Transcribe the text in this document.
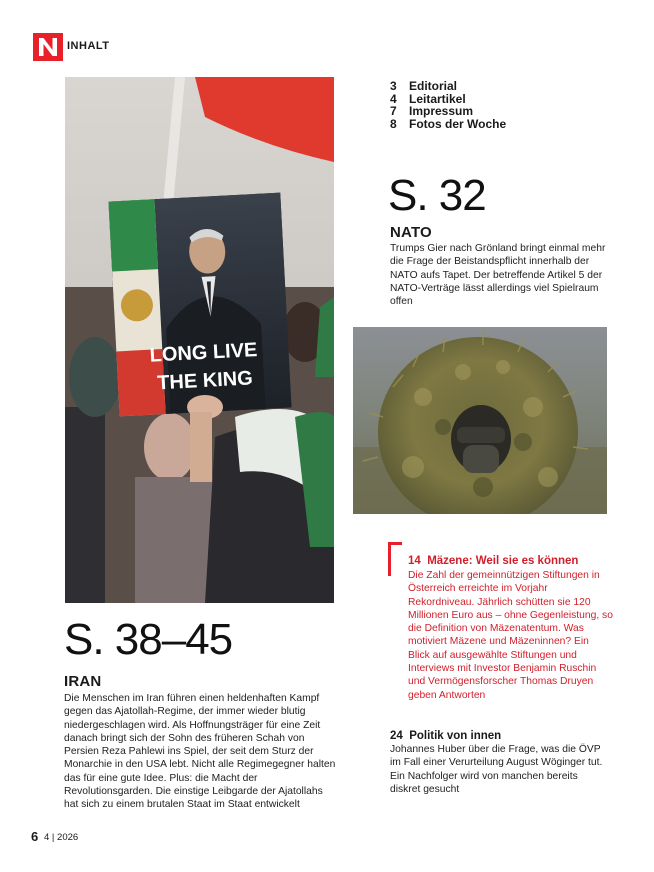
INHALT
3	Editorial
4	Leitartikel
7	Impressum
8	Fotos der Woche
S. 32
NATO
Trumps Gier nach Grönland bringt einmal mehr die Frage der Beistandspflicht innerhalb der NATO aufs Tapet. Der betreffende Artikel 5 der NATO-Verträge lässt allerdings viel Spielraum offen
LONG LIVE
THE KING
S. 38–45
IRAN
Die Menschen im Iran führen einen heldenhaften Kampf gegen das Ajatollah-Regime, der immer wieder blutig niedergeschlagen wird. Als Hoffnungsträger für eine Zeit danach bringt sich der Sohn des früheren Schah von Persien Reza Pahlewi ins Spiel, der seit dem Sturz der Monarchie in den USA lebt. Nicht alle Regimegegner halten das für eine gute Idee. Plus: die Macht der Revolutionsgarden. Die einstige Leibgarde der Ajatollahs hat sich zu einem brutalen Staat im Staat entwickelt
14 Mäzene: Weil sie es können
Die Zahl der gemeinnützigen Stiftungen in Österreich erreichte im Vorjahr Rekordniveau. Jährlich schütten sie 120 Millionen Euro aus – ohne Gegenleistung, so die Definition von Mäzenatentum. Was motiviert Mäzene und Mäzeninnen? Ein Blick auf ausgewählte Stiftungen und Interviews mit Investor Benjamin Ruschin und Vermögensforscher Thomas Druyen geben Antworten
24 Politik von innen
Johannes Huber über die Frage, was die ÖVP im Fall einer Verurteilung August Wöginger tut. Ein Nachfolger wird von manchen bereits diskret gesucht
6 4 | 2026
